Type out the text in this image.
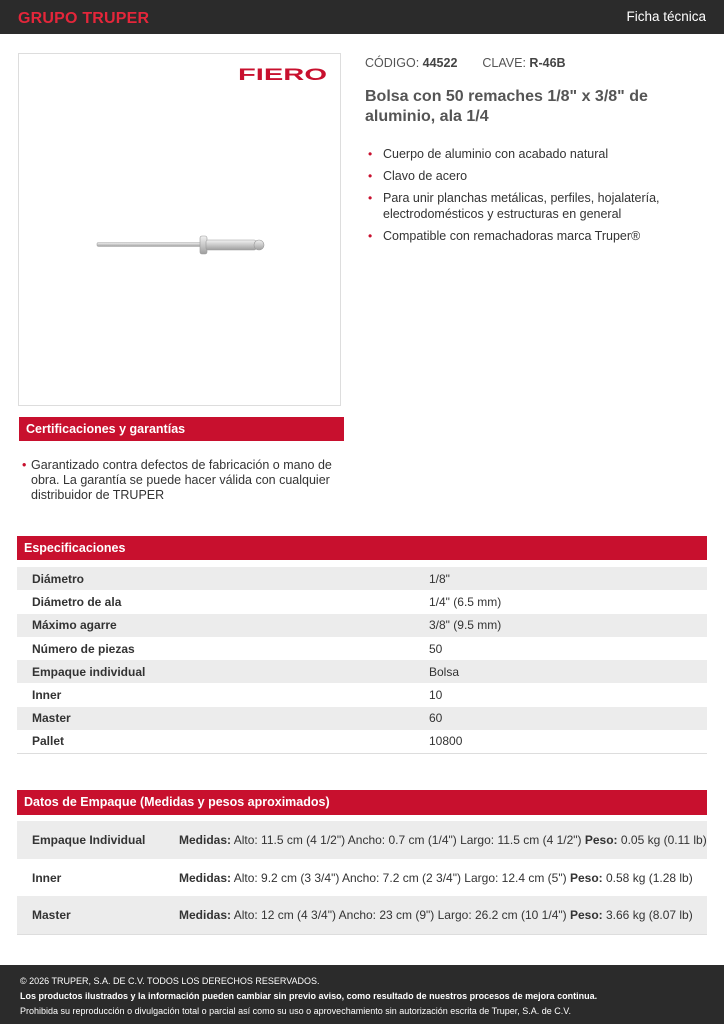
GRUPO TRUPER	Ficha técnica
FIERO
CÓDIGO: 44522 CLAVE: R-46B
Bolsa con 50 remaches 1/8" x 3/8" de aluminio, ala 1/4
• Cuerpo de aluminio con acabado natural
• Clavo de acero
• Para unir planchas metálicas, perfiles, hojalatería, electrodomésticos y estructuras en general
• Compatible con remachadoras marca Truper®
Certificaciones y garantías
• Garantizado contra defectos de fabricación o mano de obra. La garantía se puede hacer válida con cualquier distribuidor de TRUPER
Especificaciones
Diámetro	1/8"
Diámetro de ala	1/4" (6.5 mm)
Máximo agarre	3/8" (9.5 mm)
Número de piezas	50
Empaque individual	Bolsa
Inner	10
Master	60
Pallet	10800
Datos de Empaque (Medidas y pesos aproximados)
Empaque Individual	Medidas: Alto: 11.5 cm (4 1/2") Ancho: 0.7 cm (1/4") Largo: 11.5 cm (4 1/2") Peso: 0.05 kg (0.11 lb)
Inner	Medidas: Alto: 9.2 cm (3 3/4") Ancho: 7.2 cm (2 3/4") Largo: 12.4 cm (5") Peso: 0.58 kg (1.28 lb)
Master	Medidas: Alto: 12 cm (4 3/4") Ancho: 23 cm (9") Largo: 26.2 cm (10 1/4") Peso: 3.66 kg (8.07 lb)

© 2026 TRUPER, S.A. DE C.V. TODOS LOS DERECHOS RESERVADOS.

Los productos ilustrados y la información pueden cambiar sin previo aviso, como resultado de nuestros procesos de mejora continua.

Prohibida su reproducción o divulgación total o parcial así como su uso o aprovechamiento sin autorización escrita de Truper, S.A. de C.V.
